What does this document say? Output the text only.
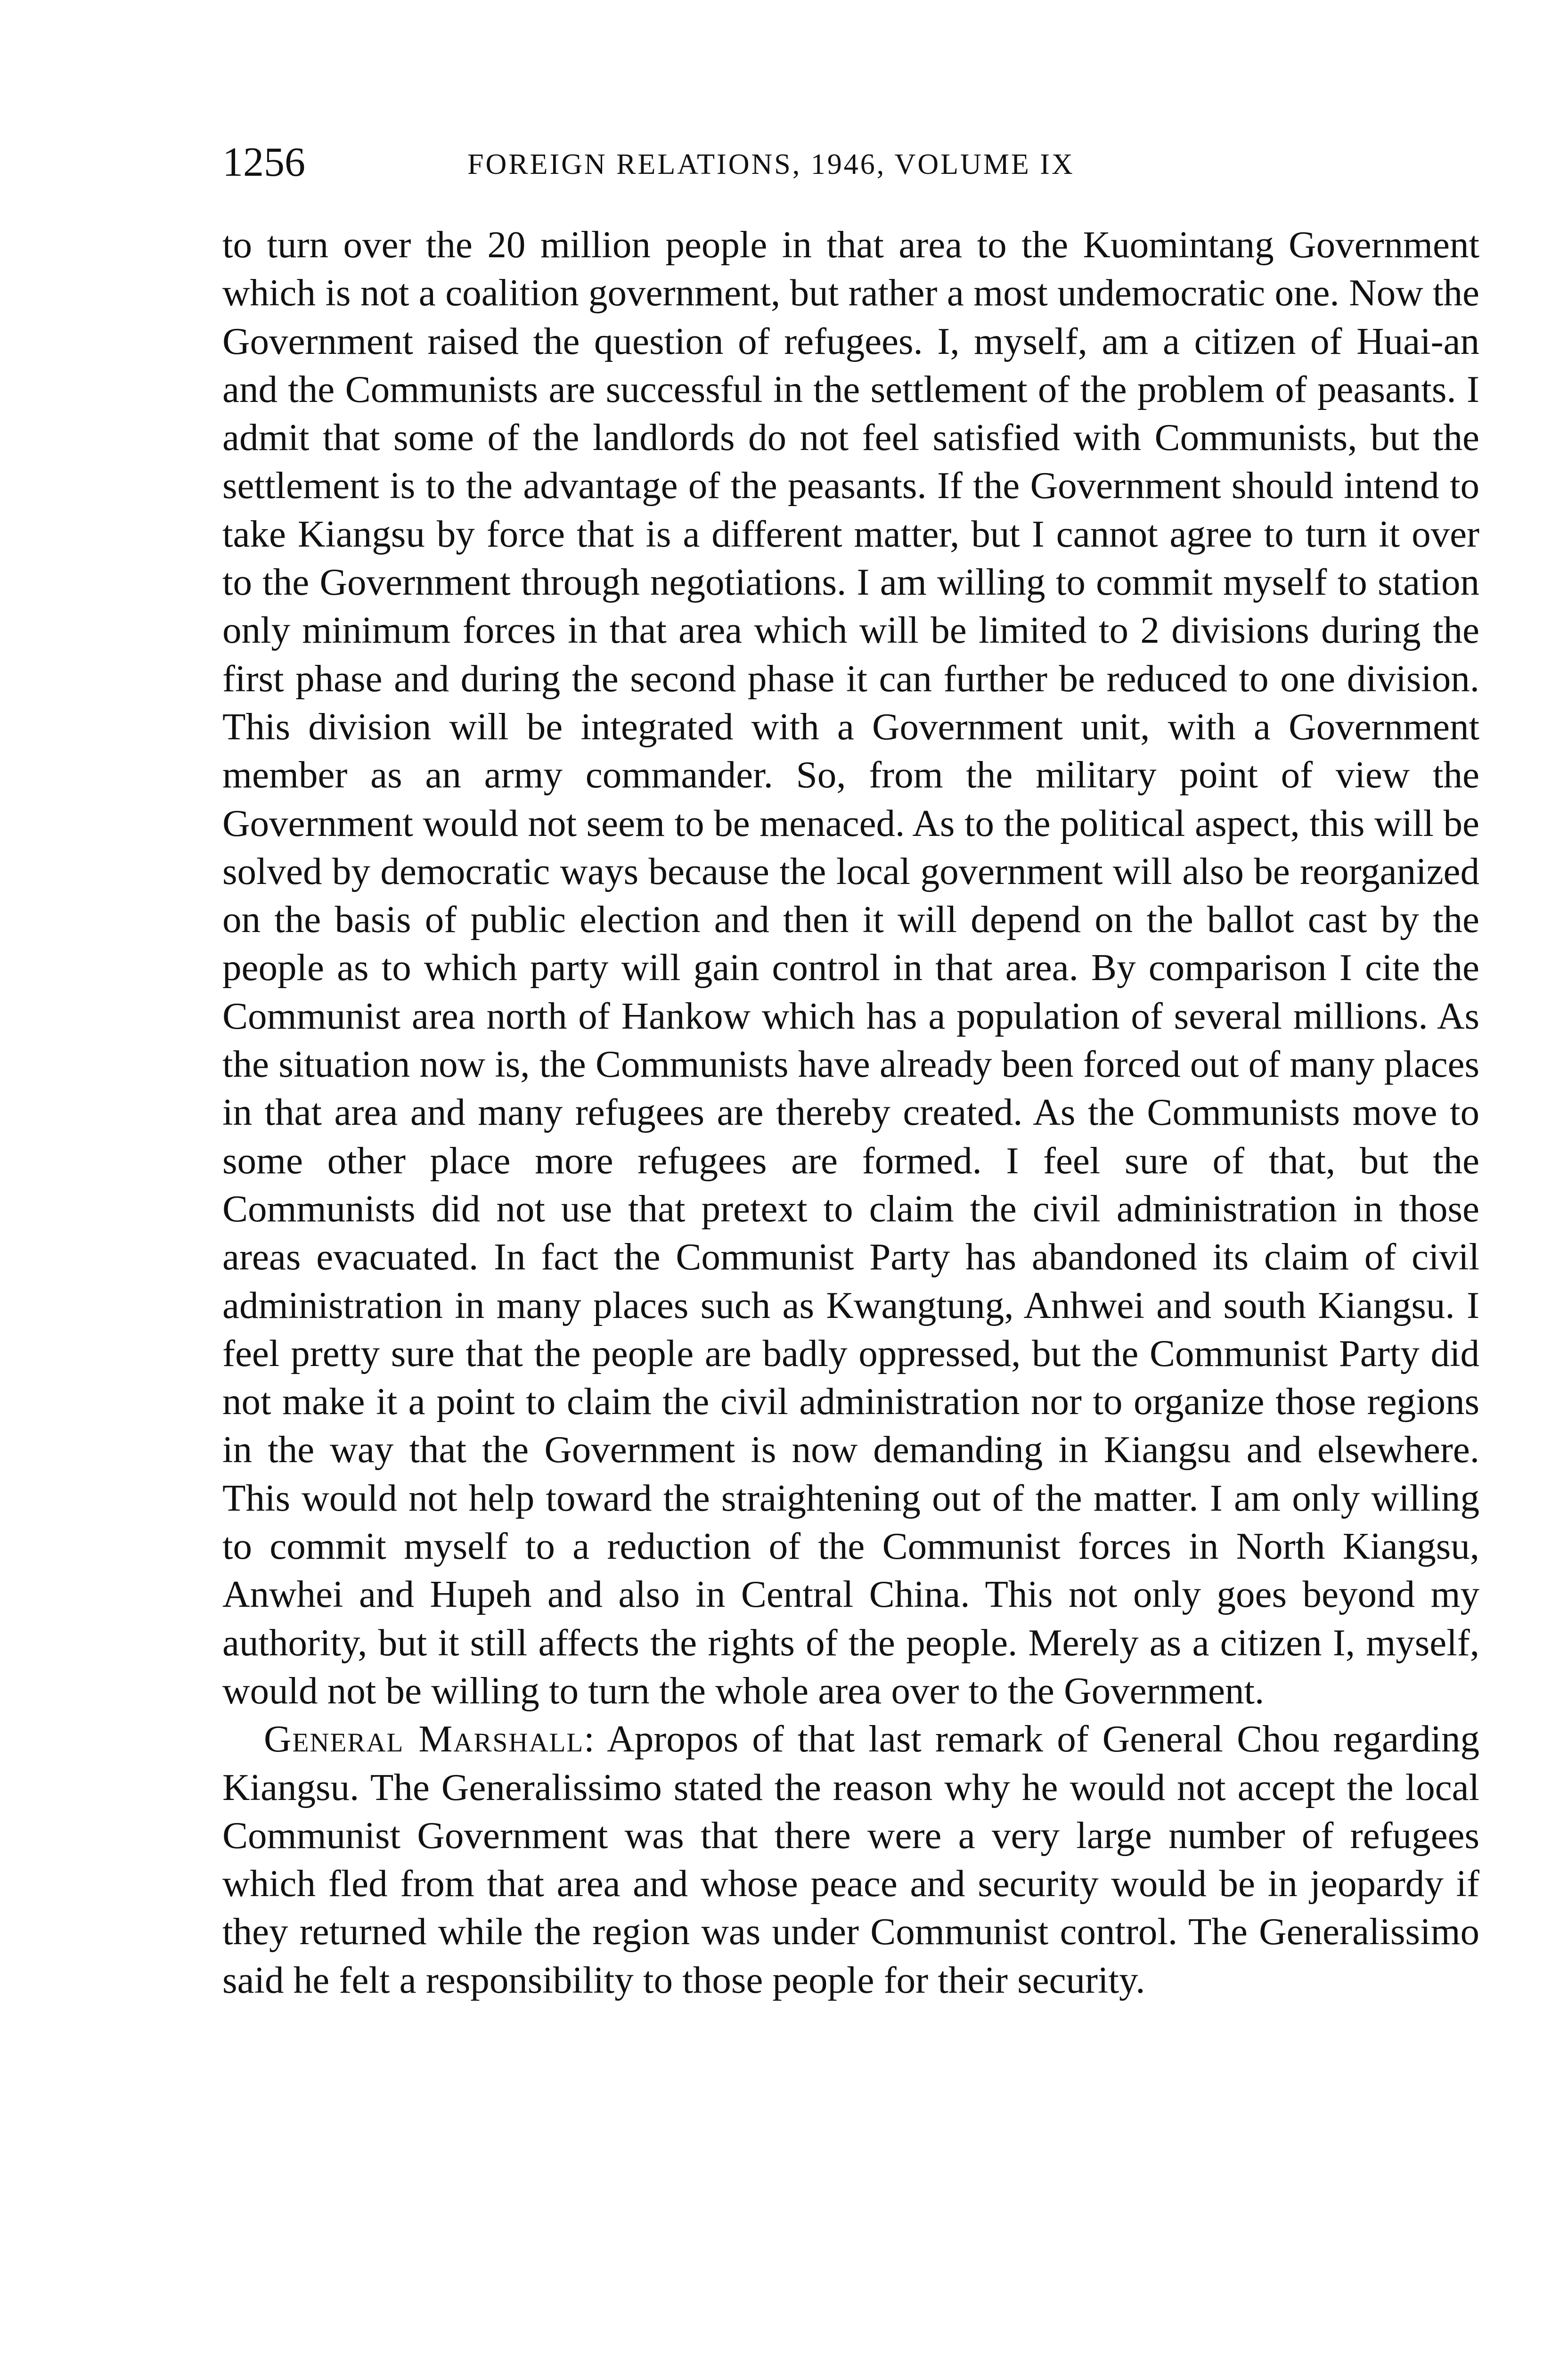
1256	FOREIGN RELATIONS, 1946, VOLUME IX

to turn over the 20 million people in that area to the Kuomintang Government which is not a coalition government, but rather a most undemocratic one. Now the Government raised the question of refugees. I, myself, am a citizen of Huai-an and the Communists are successful in the settlement of the problem of peasants. I admit that some of the landlords do not feel satisfied with Communists, but the settlement is to the advantage of the peasants. If the Government should intend to take Kiangsu by force that is a different matter, but I cannot agree to turn it over to the Government through negotiations. I am willing to commit myself to station only minimum forces in that area which will be limited to 2 divisions during the first phase and during the second phase it can further be reduced to one division. This division will be integrated with a Government unit, with a Government member as an army commander. So, from the military point of view the Government would not seem to be menaced. As to the political aspect, this will be solved by democratic ways because the local government will also be reorganized on the basis of public election and then it will depend on the ballot cast by the people as to which party will gain control in that area. By comparison I cite the Communist area north of Hankow which has a population of several millions. As the situation now is, the Communists have already been forced out of many places in that area and many refugees are thereby created. As the Communists move to some other place more refugees are formed. I feel sure of that, but the Communists did not use that pretext to claim the civil administration in those areas evacuated. In fact the Communist Party has abandoned its claim of civil administration in many places such as Kwangtung, Anhwei and south Kiangsu. I feel pretty sure that the people are badly oppressed, but the Communist Party did not make it a point to claim the civil administration nor to organize those regions in the way that the Government is now demanding in Kiangsu and elsewhere. This would not help toward the straightening out of the matter. I am only willing to commit myself to a reduction of the Communist forces in North Kiangsu, Anwhei and Hupeh and also in Central China. This not only goes beyond my authority, but it still affects the rights of the people. Merely as a citizen I, myself, would not be willing to turn the whole area over to the Government.

General Marshall: Apropos of that last remark of General Chou regarding Kiangsu. The Generalissimo stated the reason why he would not accept the local Communist Government was that there were a very large number of refugees which fled from that area and whose peace and security would be in jeopardy if they returned while the region was under Communist control. The Generalissimo said he felt a responsibility to those people for their security.
